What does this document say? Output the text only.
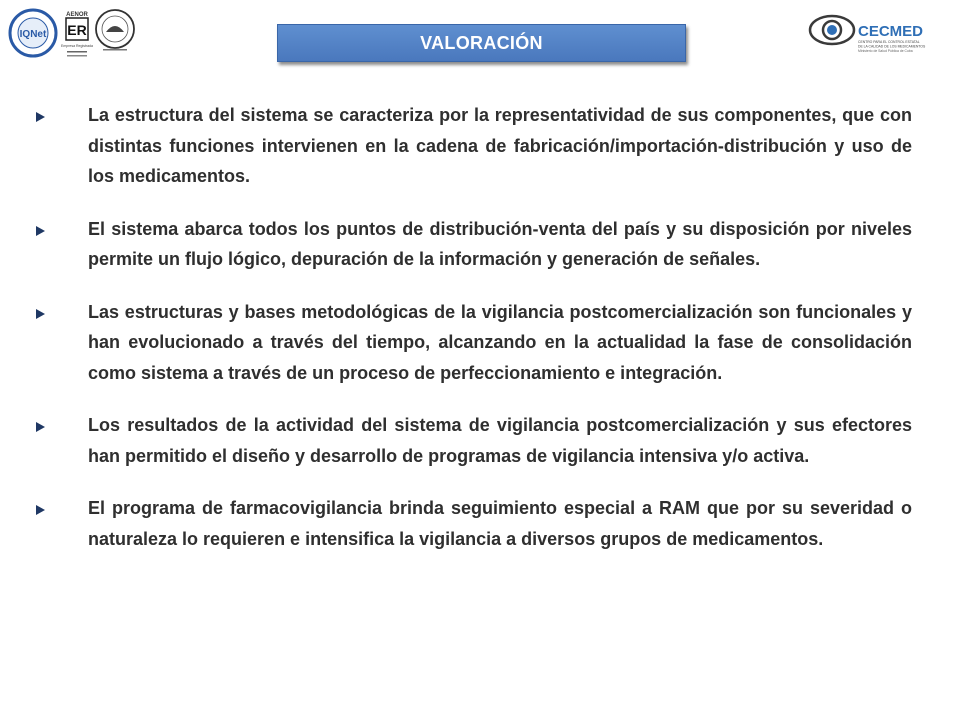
IQNet
AENOR
ER
Empresa Registrada
CECMED
CENTRO PARA EL CONTROL ESTATAL
DE LA CALIDAD DE LOS MEDICAMENTOS
Ministerio de Salud Pública de Cuba
VALORACIÓN

La estructura del sistema se caracteriza por la representatividad de sus componentes, que con distintas funciones intervienen en la cadena de fabricación/importación-distribución y uso de los medicamentos.

El sistema abarca todos los puntos de distribución-venta del país y su disposición por niveles permite un flujo lógico, depuración de la información y generación de señales.

Las estructuras y bases metodológicas de la vigilancia postcomercialización son funcionales y han evolucionado a través del tiempo, alcanzando en la actualidad la fase de consolidación como sistema a través de un proceso de perfeccionamiento e integración.

Los resultados de la actividad del sistema de vigilancia postcomercialización y sus efectores han permitido el diseño y desarrollo de programas de vigilancia intensiva y/o activa.

El programa de farmacovigilancia brinda seguimiento especial a RAM que por su severidad o naturaleza lo requieren e intensifica la vigilancia a diversos grupos de medicamentos.
